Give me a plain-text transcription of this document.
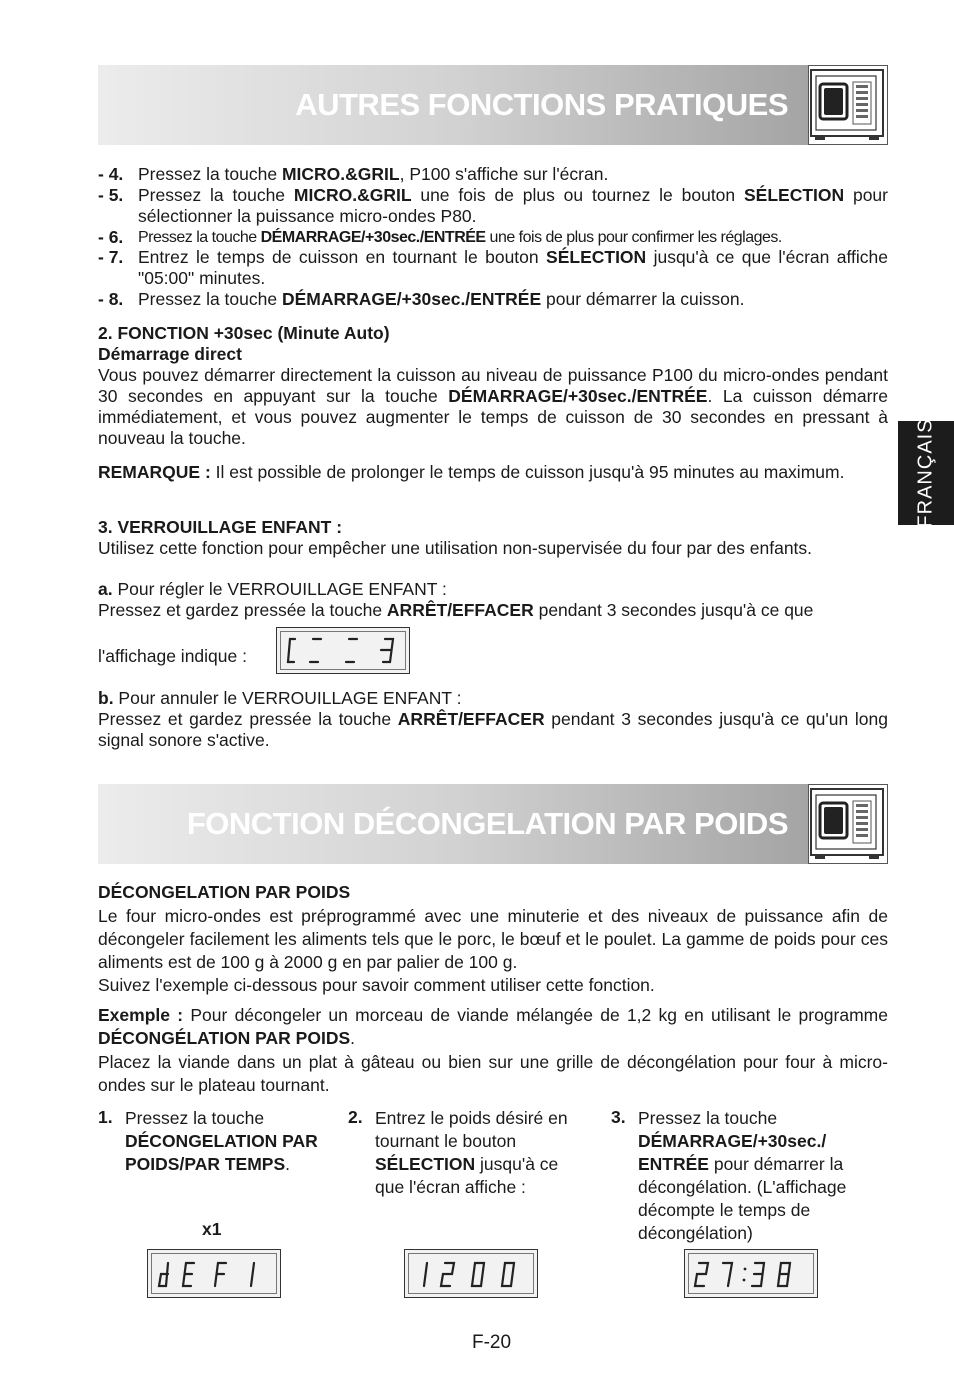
AUTRES FONCTIONS PRATIQUES
- 4. Pressez la touche MICRO.&GRIL, P100 s'affiche sur l'écran.
- 5. Pressez la touche MICRO.&GRIL une fois de plus ou tournez le bouton SÉLECTION pour sélectionner la puissance micro-ondes P80.
- 6. Pressez la touche DÉMARRAGE/+30sec./ENTRÉE une fois de plus pour confirmer les réglages.
- 7. Entrez le temps de cuisson en tournant le bouton SÉLECTION jusqu'à ce que l'écran affiche "05:00" minutes.
- 8. Pressez la touche DÉMARRAGE/+30sec./ENTRÉE pour démarrer la cuisson.
2. FONCTION +30sec (Minute Auto)
Démarrage direct
Vous pouvez démarrer directement la cuisson au niveau de puissance P100 du micro-ondes pendant 30 secondes en appuyant sur la touche DÉMARRAGE/+30sec./ENTRÉE. La cuisson démarre immédiatement, et vous pouvez augmenter le temps de cuisson de 30 secondes en pressant à nouveau la touche.
REMARQUE : Il est possible de prolonger le temps de cuisson jusqu'à 95 minutes au maximum.
3. VERROUILLAGE ENFANT :
Utilisez cette fonction pour empêcher une utilisation non-supervisée du four par des enfants.
a. Pour régler le VERROUILLAGE ENFANT :
Pressez et gardez pressée la touche ARRÊT/EFFACER pendant 3 secondes jusqu'à ce que
l'affichage indique :
b. Pour annuler le VERROUILLAGE ENFANT :
Pressez et gardez pressée la touche ARRÊT/EFFACER pendant 3 secondes jusqu'à ce qu'un long signal sonore s'active.
FONCTION DÉCONGELATION PAR POIDS
DÉCONGELATION PAR POIDS
Le four micro-ondes est préprogrammé avec une minuterie et des niveaux de puissance afin de décongeler facilement les aliments tels que le porc, le bœuf et le poulet. La gamme de poids pour ces aliments est de 100 g à 2000 g en par palier de 100 g.
Suivez l'exemple ci-dessous pour savoir comment utiliser cette fonction.
Exemple : Pour décongeler un morceau de viande mélangée de 1,2 kg en utilisant le programme DÉCONGÉLATION PAR POIDS.
Placez la viande dans un plat à gâteau ou bien sur une grille de décongélation pour four à micro-ondes sur le plateau tournant.
1. Pressez la touche DÉCONGELATION PAR POIDS/PAR TEMPS.
x1
2. Entrez le poids désiré en tournant le bouton SÉLECTION jusqu'à ce que l'écran affiche :
3. Pressez la touche DÉMARRAGE/+30sec./ ENTRÉE pour démarrer la décongélation. (L'affichage décompte le temps de décongélation)
FRANÇAIS
F-20
